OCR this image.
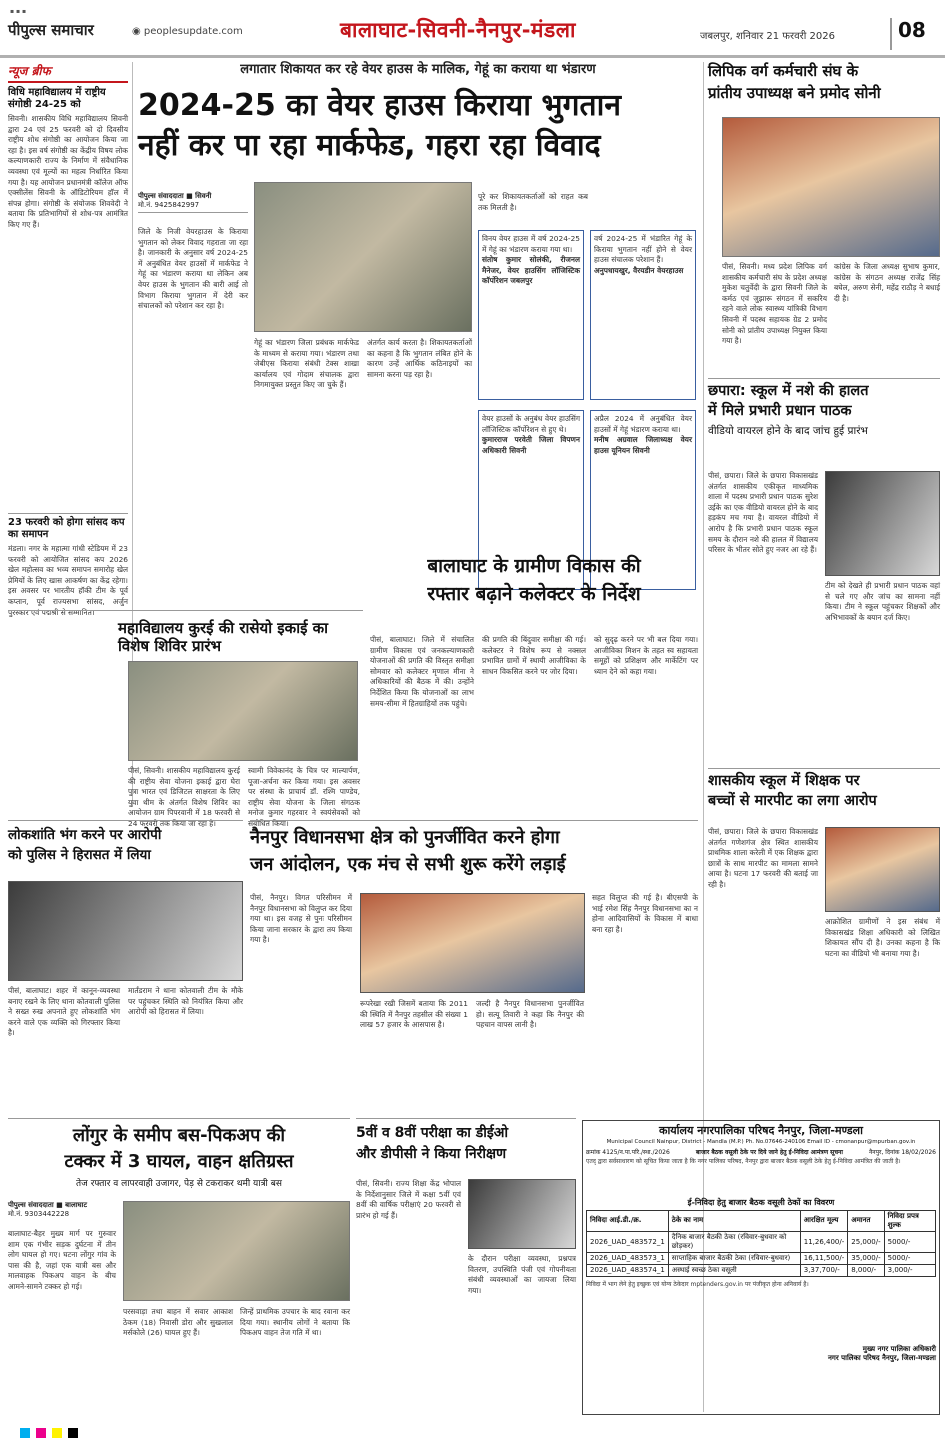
▪ ▪ ▪
पीपुल्स समाचार	◉ peoplesupdate.com	बालाघाट-सिवनी-नैनपुर-मंडला	जबलपुर, शनिवार 21 फरवरी 2026	08
न्यूज ब्रीफ
विधि महाविद्यालय में राष्ट्रीय संगोष्ठी 24-25 को
सिवनी। शासकीय विधि महाविद्यालय सिवनी द्वारा 24 एवं 25 फरवरी को दो दिवसीय राष्ट्रीय शोध संगोष्ठी का आयोजन किया जा रहा है। इस वर्ष संगोष्ठी का केंद्रीय विषय लोक कल्याणकारी राज्य के निर्माण में संवैधानिक व्यवस्था एवं मूल्यों का महत्व निर्धारित किया गया है। यह आयोजन प्रधानमंत्री कॉलेज ऑफ एक्सीलेंस सिवनी के ऑडिटोरियम हॉल में संपन्न होगा। संगोष्ठी के संयोजक शिववेदी ने बताया कि प्रतिभागियों से शोध-पत्र आमंत्रित किए गए हैं।
23 फरवरी को होगा सांसद कप का समापन
मंडला। नगर के महात्मा गांधी स्टेडियम में 23 फरवरी को आयोजित सांसद कप 2026 खेल महोत्सव का भव्य समापन समारोह खेल प्रेमियों के लिए खास आकर्षण का केंद्र रहेगा। इस अवसर पर भारतीय हॉकी टीम के पूर्व कप्तान, पूर्व राज्यसभा सांसद, अर्जुन पुरस्कार एवं पद्मश्री से सम्मानित।
लगातार शिकायत कर रहे वेयर हाउस के मालिक, गेहूं का कराया था भंडारण
2024-25 का वेयर हाउस किराया भुगतान
नहीं कर पा रहा मार्कफेड, गहरा रहा विवाद
पीपुल्स संवाददाता ■ सिवनी
मो.नं. 9425842997
जिले के निजी वेयरहाउस के किराया भुगतान को लेकर विवाद गहराता जा रहा है। जानकारी के अनुसार वर्ष 2024-25 में अनुबंधित वेयर हाउसों में मार्कफेड ने गेहूं का भंडारण कराया था लेकिन अब वेयर हाउस के भुगतान की बारी आई तो विभाग किराया भुगतान में देरी कर संचालकों को परेशान कर रहा है।
गेहूं का भंडारण जिला प्रबंधक मार्कफेड के माध्यम से कराया गया। भंडारण तथा जेबीएस किराया संबंधी टेक्स शाखा कार्यालय एवं गोदाम संचालक द्वारा निगमायुक्त प्रस्तुत किए जा चुके हैं।
अंतर्गत कार्य करता है। शिकायतकर्ताओं का कहना है कि भुगतान लंबित होने के कारण उन्हें आर्थिक कठिनाइयों का सामना करना पड़ रहा है।
पूरे कर शिकायतकर्ताओं को राहत कब तक मिलती है।
विनय वेयर हाउस में वर्ष 2024-25 में गेहूं का भंडारण कराया गया था।
संतोष कुमार सोलंकी, रीजनल मैनेजर, वेयर हाउसिंग लॉजिस्टिक कॉर्पोरेशन जबलपुर
वर्ष 2024-25 में भंडारित गेहूं के किराया भुगतान नहीं होने से वेयर हाउस संचालक परेशान हैं।
अनुपधायखुर, वैरयडीन वेयरहाउस
वेयर हाउसों के अनुबंध वेयर हाउसिंग लॉजिस्टिक कॉर्पोरेशन से हुए थे।
कुमारराज परवेती जिला विपणन अधिकारी सिवनी
अप्रैल 2024 में अनुबंधित वेयर हाउसों में गेहूं भंडारण कराया था।
मनीष अग्रवाल जिलाध्यक्ष वेयर हाउस यूनियन सिवनी
लिपिक वर्ग कर्मचारी संघ के
प्रांतीय उपाध्यक्ष बने प्रमोद सोनी
पीसं, सिवनी। मध्य प्रदेश लिपिक वर्ग शासकीय कर्मचारी संघ के प्रदेश अध्यक्ष मुकेश चतुर्वेदी के द्वारा सिवनी जिले के कर्मठ एवं जुझारू संगठन में सकरिय रहने वाले लोक स्वास्थ्य यांत्रिकी विभाग सिवनी में पदस्थ सहायक ग्रेड 2 प्रमोद सोनी को प्रांतीय उपाध्यक्ष नियुक्त किया गया है।
कांग्रेस के जिला अध्यक्ष सुभाष कुमार, कांग्रेस के संगठन अध्यक्ष राजेंद्र सिंह बघेल, अरुण सेनी, महेंद्र राठौड़ ने बधाई दी है।
छपारा: स्कूल में नशे की हालत
में मिले प्रभारी प्रधान पाठक
वीडियो वायरल होने के बाद जांच हुई प्रारंभ
पीसं, छपारा। जिले के छपारा विकासखंड अंतर्गत शासकीय एकीकृत माध्यमिक शाला में पदस्थ प्रभारी प्रधान पाठक सुरेश उईके का एक वीडियो वायरल होने के बाद हड़कंप मच गया है। वायरल वीडियो में आरोप है कि प्रभारी प्रधान पाठक स्कूल समय के दौरान नशे की हालत में विद्यालय परिसर के भीतर सोते हुए नजर आ रहे हैं।
टीम को देखते ही प्रभारी प्रधान पाठक वहां से चले गए और जांच का सामना नहीं किया। टीम ने स्कूल पहुंचकर शिक्षकों और अभिभावकों के बयान दर्ज किए।
शासकीय स्कूल में शिक्षक पर
बच्चों से मारपीट का लगा आरोप
पीसं, छपारा। जिले के छपारा विकासखंड अंतर्गत गणेशगंज क्षेत्र स्थित शासकीय प्राथमिक शाला करेली में एक शिक्षक द्वारा छात्रों के साथ मारपीट का मामला सामने आया है। घटना 17 फरवरी की बताई जा रही है।
आक्रोशित ग्रामीणों ने इस संबंध में विकासखंड शिक्षा अधिकारी को लिखित शिकायत सौंप दी है। उनका कहना है कि घटना का वीडियो भी बनाया गया है।
महाविद्यालय कुरई की रासेयो इकाई का विशेष शिविर प्रारंभ
पीसं, सिवनी। शासकीय महाविद्यालय कुरई की राष्ट्रीय सेवा योजना इकाई द्वारा घेरा पुत्रा भारत एवं डिजिटल साक्षरता के लिए युवा थीम के अंतर्गत विशेष शिविर का आयोजन ग्राम पिपरवानी में 18 फरवरी से 24 फरवरी तक किया जा रहा है।
स्वामी विवेकानंद के चित्र पर माल्यार्पण, पूजा-अर्चना कर किया गया। इस अवसर पर संस्था के प्राचार्य डॉ. रश्मि पाण्डेय, राष्ट्रीय सेवा योजना के जिला संगठक मनोज कुमार गहरवार ने स्वयंसेवकों को संबोधित किया।
बालाघाट के ग्रामीण विकास की
रफ्तार बढ़ाने कलेक्टर के निर्देश
पीसं, बालाघाट। जिले में संचालित ग्रामीण विकास एवं जनकल्याणकारी योजनाओं की प्रगति की विस्तृत समीक्षा सोमवार को कलेक्टर मृणाल मीना ने अधिकारियों की बैठक में की। उन्होंने निर्देशित किया कि योजनाओं का लाभ समय-सीमा में हितग्राहियों तक पहुंचे।
की प्रगति की बिंदुवार समीक्षा की गई। कलेक्टर ने विशेष रूप से नक्सल प्रभावित ग्रामों में स्थायी आजीविका के साधन विकसित करने पर जोर दिया।
को सुदृढ़ करने पर भी बल दिया गया। आजीविका मिशन के तहत स्व सहायता समूहों को प्रशिक्षण और मार्केटिंग पर ध्यान देने को कहा गया।
लोकशांति भंग करने पर आरोपी
को पुलिस ने हिरासत में लिया
पीसं, बालाघाट। शहर में कानून-व्यवस्था बनाए रखने के लिए थाना कोतवाली पुलिस ने सख्त रुख अपनाते हुए लोकशांति भंग करने वाले एक व्यक्ति को गिरफ्तार किया है।
मार्तंडराम ने थाना कोतवाली टीम के मौके पर पहुंचकर स्थिति को नियंत्रित किया और आरोपी को हिरासत में लिया।
नैनपुर विधानसभा क्षेत्र को पुनर्जीवित करने होगा
जन आंदोलन, एक मंच से सभी शुरू करेंगे लड़ाई
पीसं, नैनपुर। विगत परिसीमन में नैनपुर विधानसभा को विलुप्त कर दिया गया था। इस वजह से पुनः परिसीमन किया जाना सरकार के द्वारा तय किया गया है।
रूपरेखा रखी जिसमें बताया कि 2011 की स्थिति में नैनपुर तहसील की संख्या 1 लाख 57 हजार के आसपास है।
जल्दी है नैनपुर विधानसभा पुनर्जीवित हो। सत्यू तिवारी ने कहा कि नैनपुर की पहचान वापस लानी है।
सहत विलुप्त की गई है। बीएसपी के भाई रमेश सिंह नैनपुर विधानसभा का न होना आदिवासियों के विकास में बाधा बना रहा है।
लोंगुर के समीप बस-पिकअप की
टक्कर में 3 घायल, वाहन क्षतिग्रस्त
तेज रफ्तार व लापरवाही उजागर, पेड़ से टकराकर थमी यात्री बस
पीपुल्स संवाददाता ■ बालाघाट
मो.नं. 9303442228
बालाघाट-बैहर मुख्य मार्ग पर गुरुवार शाम एक गंभीर सड़क दुर्घटना में तीन लोग घायल हो गए। घटना लोंगुर गांव के पास की है, जहां एक यात्री बस और मालवाहक पिकअप वाहन के बीच आमने-सामने टक्कर हो गई।
परसवाड़ा तथा बाहन में सवार आकाश ठेकम (18) निवासी डोरा और सुखलाल मर्सकोले (26) घायल हुए हैं।
जिन्हें प्राथमिक उपचार के बाद रवाना कर दिया गया। स्थानीय लोगों ने बताया कि पिकअप वाहन तेज गति में था।
5वीं व 8वीं परीक्षा का डीईओ
और डीपीसी ने किया निरीक्षण
पीसं, सिवनी। राज्य शिक्षा केंद्र भोपाल के निर्देशानुसार जिले में कक्षा 5वीं एवं 8वीं की वार्षिक परीक्षाएं 20 फरवरी से प्रारंभ हो गई हैं।
के दौरान परीक्षा व्यवस्था, प्रश्नपत्र वितरण, उपस्थिति पंजी एवं गोपनीयता संबंधी व्यवस्थाओं का जायजा लिया गया।
कार्यालय नगरपालिका परिषद नैनपुर, जिला-मण्डला
Municipal Council Nainpur, District - Mandla (M.P.) Ph. No.07646-240106 Email ID - cmonanpur@mpurban.gov.in
क्रमांक 4125/न.पा.परि./स्था./2026	बाजार बैठक वसूली ठेके पर दिये जाने हेतु ई-निविदा आमंत्रण सूचना	नैनपुर, दिनांक 18/02/2026
एतद् द्वारा सर्वसाधारण को सूचित किया जाता है कि नगर पालिका परिषद, नैनपुर द्वारा बाजार बैठक वसूली ठेके हेतु ई-निविदा आमंत्रित की जाती है।
ई-निविदा हेतु बाजार बैठक वसूली ठेकों का विवरण
निविदा आई.डी./क्र.	ठेके का नाम	आरक्षित मूल्य	अमानत	निविदा प्रपत्र शुल्क
2026_UAD_483572_1	दैनिक बाजार बैठकी ठेका (रविवार-बुधवार को छोड़कर)	11,26,400/-	25,000/-	5000/-
2026_UAD_483573_1	साप्ताहिक बाजार बैठकी ठेका (रविवार-बुधवार)	16,11,500/-	35,000/-	5000/-
2026_UAD_483574_1	अस्थाई स्वच्छ ठेका वसूली	3,37,700/-	8,000/-	3,000/-
निविदा में भाग लेने हेतु इच्छुक एवं योग्य ठेकेदार mptenders.gov.in पर पंजीकृत होना अनिवार्य है।
मुख्य नगर पालिका अधिकारी
नगर पालिका परिषद नैनपुर, जिला-मण्डला
